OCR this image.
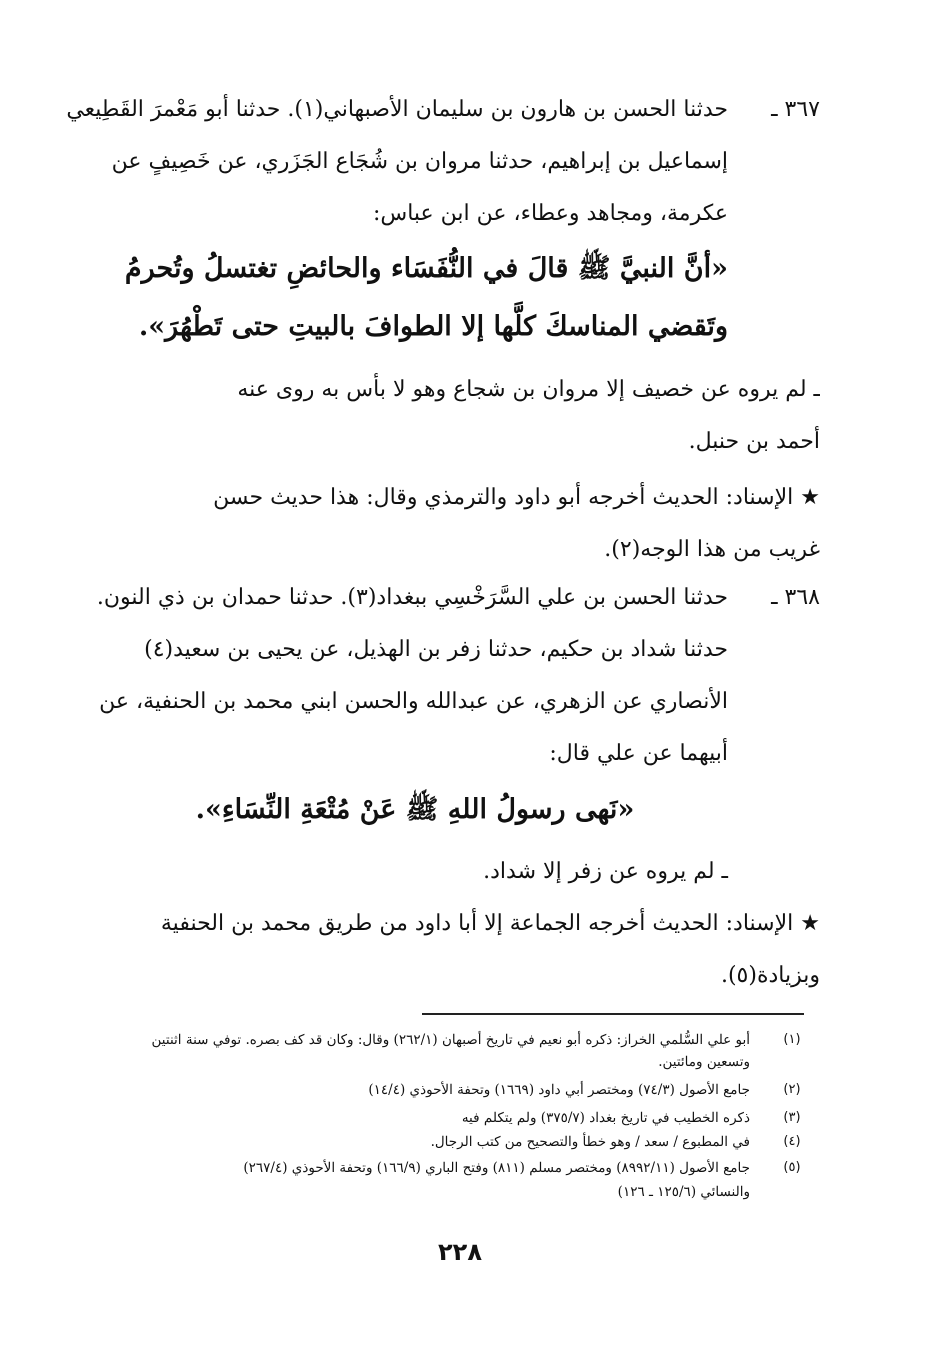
٣٦٧ ـ
حدثنا الحسن بن هارون بن سليمان الأصبهاني(١). حدثنا أبو مَعْمرَ القَطِيعي
إسماعيل بن إبراهيم، حدثنا مروان بن شُجَاع الجَزَري، عن خَصِيفٍ عن
عكرمة، ومجاهد وعطاء، عن ابن عباس:
«أنَّ النبيَّ ﷺ قالَ في النُّفَسَاء والحائضِ تغتسلُ وتُحرمُ
وتَقضي المناسكَ كلَّها إلا الطوافَ بالبيتِ حتى تَطْهُرَ».
ـ لم يروه عن خصيف إلا مروان بن شجاع وهو لا بأس به روى عنه
أحمد بن حنبل.
★ الإسناد: الحديث أخرجه أبو داود والترمذي وقال: هذا حديث حسن
غريب من هذا الوجه(٢).
٣٦٨ ـ
حدثنا الحسن بن علي السَّرَخْسِي ببغداد(٣). حدثنا حمدان بن ذي النون.
حدثنا شداد بن حكيم، حدثنا زفر بن الهذيل، عن يحيى بن سعيد(٤)
الأنصاري عن الزهري، عن عبدالله والحسن ابني محمد بن الحنفية، عن
أبيهما عن علي قال:
«نَهى رسولُ اللهِ ﷺ عَنْ مُتْعَةِ النِّسَاءِ».
ـ لم يروه عن زفر إلا شداد.
★ الإسناد: الحديث أخرجه الجماعة إلا أبا داود من طريق محمد بن الحنفية
وبزيادة(٥).
(١)
أبو علي السُّلمي الخراز: ذكره أبو نعيم في تاريخ أصبهان (٢٦٢/١) وقال: وكان قد كف بصره. توفي سنة اثنتين
وتسعين ومائتين.
(٢)
جامع الأصول (٧٤/٣) ومختصر أبي داود (١٦٦٩) وتحفة الأحوذي (١٤/٤)
(٣)
ذكره الخطيب في تاريخ بغداد (٣٧٥/٧) ولم يتكلم فيه
(٤)
في المطبوع / سعد / وهو خطأ والتصحيح من كتب الرجال.
(٥)
جامع الأصول (٨٩٩٢/١١) ومختصر مسلم (٨١١) وفتح الباري (١٦٦/٩) وتحفة الأحوذي (٢٦٧/٤)
والنسائي (١٢٥/٦ ـ ١٢٦)
٢٢٨
